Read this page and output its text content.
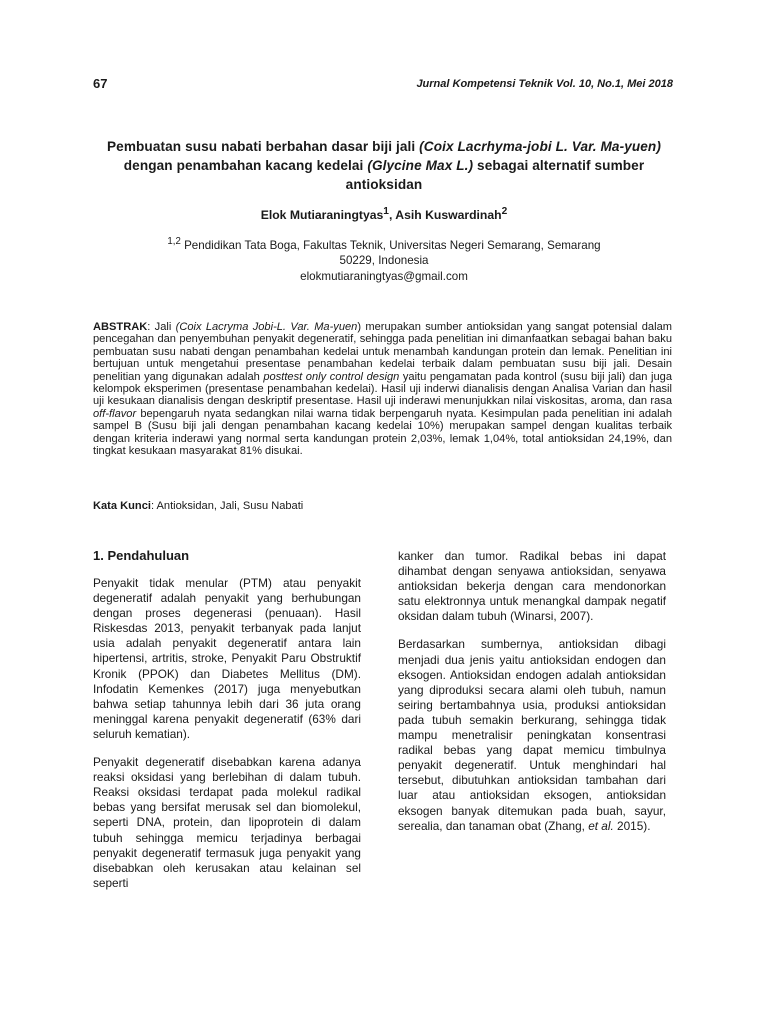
67	Jurnal Kompetensi Teknik Vol. 10, No.1, Mei 2018
Pembuatan susu nabati berbahan dasar biji jali (Coix Lacrhyma-jobi L. Var. Ma-yuen) dengan penambahan kacang kedelai (Glycine Max L.) sebagai alternatif sumber antioksidan
Elok Mutiaraningtyas$^1$, Asih Kuswardinah$^2$
$^{1,2}$ Pendidikan Tata Boga, Fakultas Teknik, Universitas Negeri Semarang, Semarang 50229, Indonesia
elokmutiaraningtyas@gmail.com
ABSTRAK: Jali (Coix Lacryma Jobi-L. Var. Ma-yuen) merupakan sumber antioksidan yang sangat potensial dalam pencegahan dan penyembuhan penyakit degeneratif, sehingga pada penelitian ini dimanfaatkan sebagai bahan baku pembuatan susu nabati dengan penambahan kedelai untuk menambah kandungan protein dan lemak. Penelitian ini bertujuan untuk mengetahui presentase penambahan kedelai terbaik dalam pembuatan susu biji jali. Desain penelitian yang digunakan adalah posttest only control design yaitu pengamatan pada kontrol (susu biji jali) dan juga kelompok eksperimen (presentase penambahan kedelai). Hasil uji inderwi dianalisis dengan Analisa Varian dan hasil uji kesukaan dianalisis dengan deskriptif presentase. Hasil uji inderawi menunjukkan nilai viskositas, aroma, dan rasa off-flavor bepengaruh nyata sedangkan nilai warna tidak berpengaruh nyata. Kesimpulan pada penelitian ini adalah sampel B (Susu biji jali dengan penambahan kacang kedelai 10%) merupakan sampel dengan kualitas terbaik dengan kriteria inderawi yang normal serta kandungan protein 2,03%, lemak 1,04%, total antioksidan 24,19%, dan tingkat kesukaan masyarakat 81% disukai.
Kata Kunci: Antioksidan, Jali, Susu Nabati
1. Pendahuluan

Penyakit tidak menular (PTM) atau penyakit degeneratif adalah penyakit yang berhubungan dengan proses degenerasi (penuaan). Hasil Riskesdas 2013, penyakit terbanyak pada lanjut usia adalah penyakit degeneratif antara lain hipertensi, artritis, stroke, Penyakit Paru Obstruktif Kronik (PPOK) dan Diabetes Mellitus (DM). Infodatin Kemenkes (2017) juga menyebutkan bahwa setiap tahunnya lebih dari 36 juta orang meninggal karena penyakit degeneratif (63% dari seluruh kematian).

Penyakit degeneratif disebabkan karena adanya reaksi oksidasi yang berlebihan di dalam tubuh. Reaksi oksidasi terdapat pada molekul radikal bebas yang bersifat merusak sel dan biomolekul, seperti DNA, protein, dan lipoprotein di dalam tubuh sehingga memicu terjadinya berbagai penyakit degeneratif termasuk juga penyakit yang disebabkan oleh kerusakan atau kelainan sel seperti

kanker dan tumor. Radikal bebas ini dapat dihambat dengan senyawa antioksidan, senyawa antioksidan bekerja dengan cara mendonorkan satu elektronnya untuk menangkal dampak negatif oksidan dalam tubuh (Winarsi, 2007).

Berdasarkan sumbernya, antioksidan dibagi menjadi dua jenis yaitu antioksidan endogen dan eksogen. Antioksidan endogen adalah antioksidan yang diproduksi secara alami oleh tubuh, namun seiring bertambahnya usia, produksi antioksidan pada tubuh semakin berkurang, sehingga tidak mampu menetralisir peningkatan konsentrasi radikal bebas yang dapat memicu timbulnya penyakit degeneratif. Untuk menghindari hal tersebut, dibutuhkan antioksidan tambahan dari luar atau antioksidan eksogen, antioksidan eksogen banyak ditemukan pada buah, sayur, serealia, dan tanaman obat (Zhang, et al. 2015).
